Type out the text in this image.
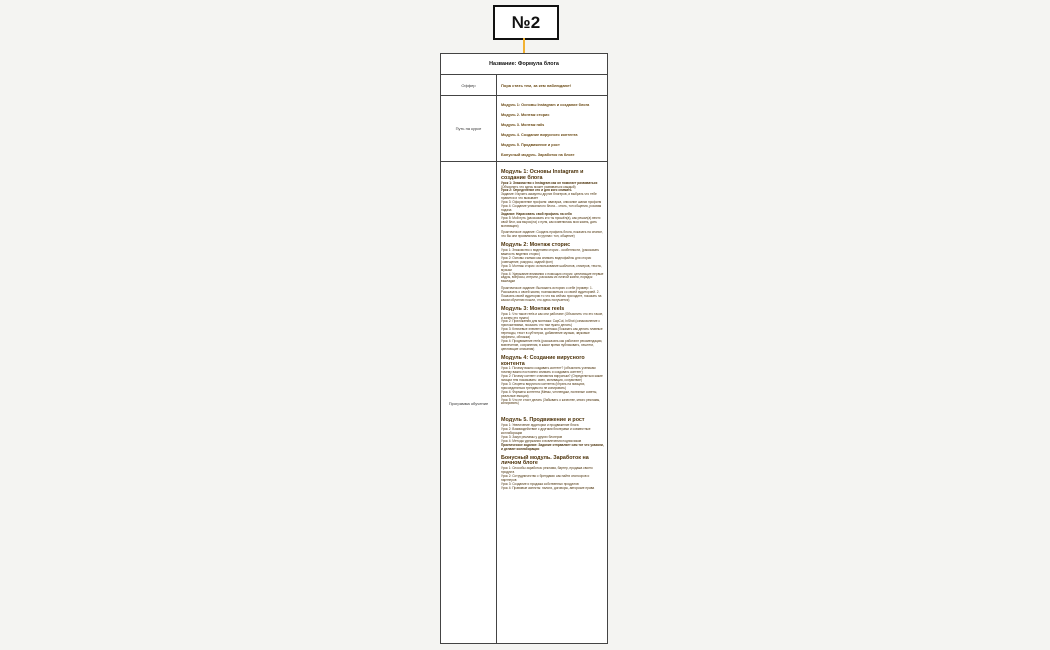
№2
Название: Формула блога
Оффер	Пора стать тем, за кем наблюдают!
Путь на курсе
Модуль 1: Основы Instagram и создание блога
Модуль 2. Монтаж сторис
Модуль 3. Монтаж rails
Модуль 4. Создание вирусного контента
Модуль 5. Продвижение и рост
Бонусный модуль. Заработок на блоге
Программа обучение
Модуль 1: Основы Instagram и создание блога
Урок 1: Знакомство с Instagram как он помогает развиваться
(Объяснить что здесь может развиваться каждый)
Урок 2: Определение кто и для кого снимать
Задание: Изучить аккаунты других блогеров, и выбрать что тебе нравится и что вызывает
Урок 3: Оформление профиля: аватарка, описание шапки профиля
Урок 4: Создание уникального блога... стиль, тон общения, розовая подача
Задание: Нарисовать свой профиль на себя
Урок 5: Мой путь (рассказать кто ты прошёл(а), как решил(а) вести свой блог, как вырос(ла) с нуля, как изменилась моя жизнь, дать мотивацию)
Практическое задание: Создать профиль блога, показать на сеансе, что бы они проявлялись в группах: тон, общение)
Модуль 2: Монтаж сторис
Урок 1: Знакомство с видением сторис - особенности, (рассказать важность видения сторис)
Урок 2: Основы съемки как снимать видеофайлы для сторис (освещение, ракурсы, задний фон)
Урок 3: Монтаж сторис: использование шаблонов, стикеров, текста, музыки
Урок 4: Удержание внимания с помощью сторис: цепляющие первые кадры, вопросы, интриги, рассказы из личной жизни, порядок выкладки
Практическое задание: Выложить историю о себе (пример: 1. Рассказать о своей жизни, познакомиться со своей аудиторией. 2. Показать своей аудитории то что вы сейчас проходите, показать на каком обучении пошли, что здесь получается)
Модуль 3: Монтаж reels
Урок 1: Что такое reels и как они работают (Объяснить что это такое, и зачем это нужно)
Урок 2: Приложения для монтажа: CapCut, InShot (ознакомление с приложениями, показать что там нужно делать)
Урок 3: Ключевые элементы монтажа (Показать как делать плавные переходы, текст в субтитрах, добавление музыки, звуковые эффекты, обложка)
Урок 4: Продвижение reels (рассказать как работают рекомендации, вовлечение, сохранения, в какое время публиковать, хештеги, цепляющие описания)
Модуль 4: Создание вирусного контента
Урок 1: Почему важно создавать контент? (объяснить ученикам почему важно постоянно снимать и создавать контент)
Урок 2: Почему контент становится вирусным? (Определиться какие эмоции тем показывать: смех, мотивация, сочувствие)
Урок 3: Секреты вирусного контента (Играть на эмоциях, присоединяться трендам но не копировать)
Урок 4: Форматы контента (Мемы, челленджи, полезные советы, реальные эмоции)
Урок 5: Что не стоит делать (Забывать о качестве, много рекламы, копировать)
Модуль 5. Продвижение и рост
Урок 1: Увеличение аудитории и продвижение блога
Урок 2: Взаимодействие с другими блогерами и совместные коллаборации
Урок 3: Закуп рекламы у других блогеров
Урок 4: Методы удержания и вовлечения подписчиков
Практическое задание: Задание отправляет сам тот что указали, и делают коллаборации
Бонусный модуль. Заработок на личном блоге
Урок 1: Способы заработка: реклама, бартер, продажа своего продукта
Урок 2: Сотрудничество с брендами: как найти спонсоров и партнеров
Урок 3: Создание и продажа собственных продуктов
Урок 4: Правовые аспекты: налоги, договоры, авторские права
